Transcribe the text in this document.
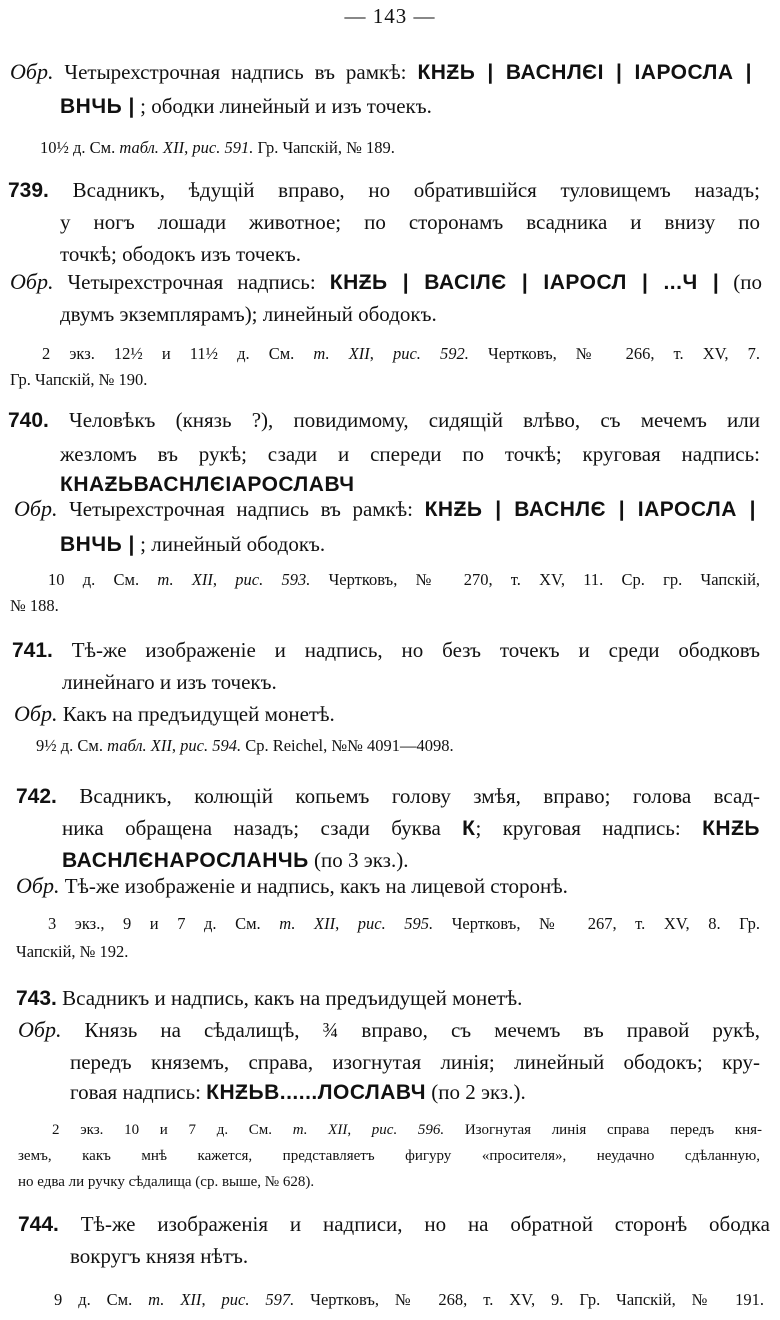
— 143 —
Обр. Четырехстрочная надпись въ рамкѣ: КНƵЬ | ВАСНЛЄІ | ІАРОСЛА |
ВНЧЬ | ; ободки линейный и изъ точекъ.
10½ д. См. табл. XII, рис. 591. Гр. Чапскій, № 189.
739. Всадникъ, ѣдущій вправо, но обратившійся туловищемъ назадъ;
у ногъ лошади животное; по сторонамъ всадника и внизу по
точкѣ; ободокъ изъ точекъ.
Обр. Четырехстрочная надпись: КНƵЬ | ВАСІЛЄ | ІАРОСЛ | ...Ч | (по
двумъ экземплярамъ); линейный ободокъ.
2 экз. 12½ и 11½ д. См. т. XII, рис. 592. Чертковъ, № 266, т. XV, 7.
Гр. Чапскій, № 190.
740. Человѣкъ (князь ?), повидимому, сидящій влѣво, съ мечемъ или
жезломъ въ рукѣ; сзади и спереди по точкѣ; круговая надпись:
КНАƵЬВАСНЛЄІАРОСЛАВЧ
Обр. Четырехстрочная надпись въ рамкѣ: КНƵЬ | ВАСНЛЄ | ІАРОСЛА |
ВНЧЬ | ; линейный ободокъ.
10 д. См. т. XII, рис. 593. Чертковъ, № 270, т. XV, 11. Ср. гр. Чапскій,
№ 188.
741. Тѣ-же изображеніе и надпись, но безъ точекъ и среди ободковъ
линейнаго и изъ точекъ.
Обр. Какъ на предъидущей монетѣ.
9½ д. См. табл. XII, рис. 594. Ср. Reichel, №№ 4091—4098.
742. Всадникъ, колющій копьемъ голову змѣя, вправо; голова всад-
ника обращена назадъ; сзади буква К; круговая надпись: КНƵЬ
ВАСНЛЄНАРОСЛАНЧЬ (по 3 экз.).
Обр. Тѣ-же изображеніе и надпись, какъ на лицевой сторонѣ.
3 экз., 9 и 7 д. См. т. XII, рис. 595. Чертковъ, № 267, т. XV, 8. Гр.
Чапскій, № 192.
743. Всадникъ и надпись, какъ на предъидущей монетѣ.
Обр. Князь на сѣдалищѣ, ¾ вправо, съ мечемъ въ правой рукѣ,
передъ княземъ, справа, изогнутая линія; линейный ободокъ; кру-
говая надпись: КНƵЬВ......ЛОСЛАВЧ (по 2 экз.).
2 экз. 10 и 7 д. См. т. XII, рис. 596. Изогнутая линія справа передъ кня-
земъ, какъ мнѣ кажется, представляетъ фигуру «просителя», неудачно сдѣланную,
но едва ли ручку сѣдалища (ср. выше, № 628).
744. Тѣ-же изображенія и надписи, но на обратной сторонѣ ободка
вокругъ князя нѣтъ.
9 д. См. т. XII, рис. 597. Чертковъ, № 268, т. XV, 9. Гр. Чапскій, № 191.
